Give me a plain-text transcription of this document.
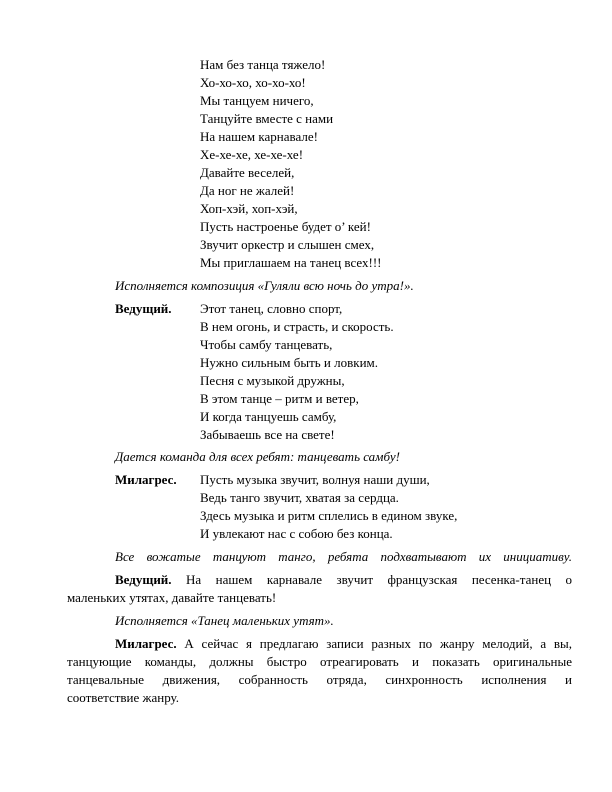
Нам без танца тяжело!
Хо-хо-хо, хо-хо-хо!
Мы танцуем ничего,
Танцуйте вместе с нами
На нашем карнавале!
Хе-хе-хе, хе-хе-хе!
Давайте веселей,
Да ног не жалей!
Хоп-хэй, хоп-хэй,
Пусть настроенье будет о’ кей!
Звучит оркестр и слышен смех,
Мы приглашаем на танец всех!!!
Исполняется композиция «Гуляли всю ночь до утра!».
Ведущий. Этот танец, словно спорт,
В нем огонь, и страсть, и скорость.
Чтобы самбу танцевать,
Нужно сильным быть и ловким.
Песня с музыкой дружны,
В этом танце – ритм и ветер,
И когда танцуешь самбу,
Забываешь все на свете!
Дается команда для всех ребят: танцевать самбу!
Милагрес. Пусть музыка звучит, волнуя наши души,
Ведь танго звучит, хватая за сердца.
Здесь музыка и ритм сплелись в едином звуке,
И увлекают нас с собою без конца.
Все вожатые танцуют танго, ребята подхватывают их инициативу.
Ведущий. На нашем карнавале звучит французская песенка-танец о
маленьких утятах, давайте танцевать!
Исполняется «Танец маленьких утят».
Милагрес. А сейчас я предлагаю записи разных по жанру мелодий, а вы,
танцующие команды, должны быстро отреагировать и показать оригинальные
танцевальные движения, собранность отряда, синхронность исполнения и
соответствие жанру.
